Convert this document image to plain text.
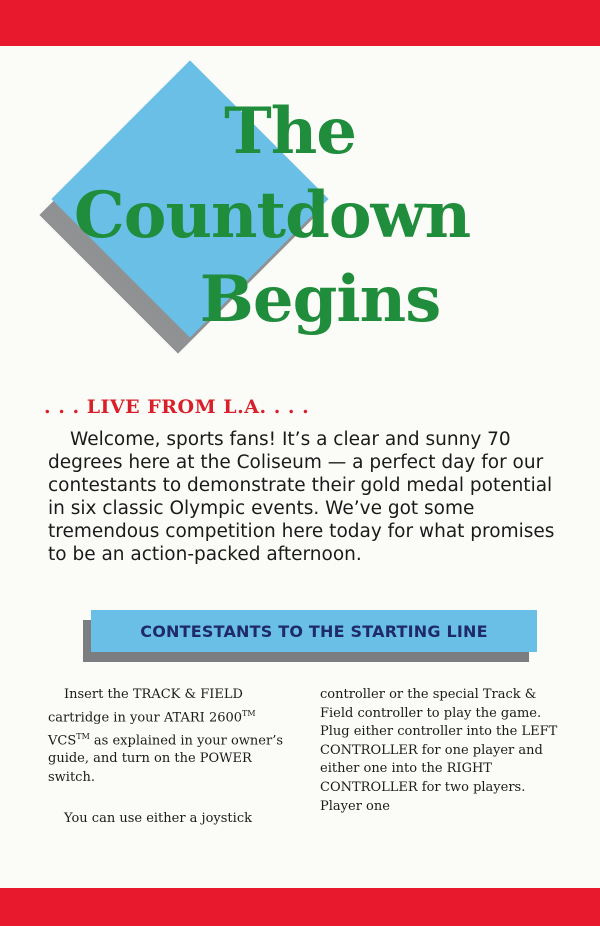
The
Countdown
Begins
. . . LIVE FROM L.A. . . .

Welcome, sports fans! It’s a clear and sunny 70 degrees here at the Coliseum — a perfect day for our contestants to demonstrate their gold medal potential in six classic Olympic events. We’ve got some tremendous competition here today for what promises to be an action-packed afternoon.

CONTESTANTS TO THE STARTING LINE

Insert the TRACK & FIELD cartridge in your ATARI 2600™ VCS™ as explained in your owner’s guide, and turn on the POWER switch.

You can use either a joystick

controller or the special Track & Field controller to play the game. Plug either controller into the LEFT CONTROLLER for one player and either one into the RIGHT CONTROLLER for two players. Player one
